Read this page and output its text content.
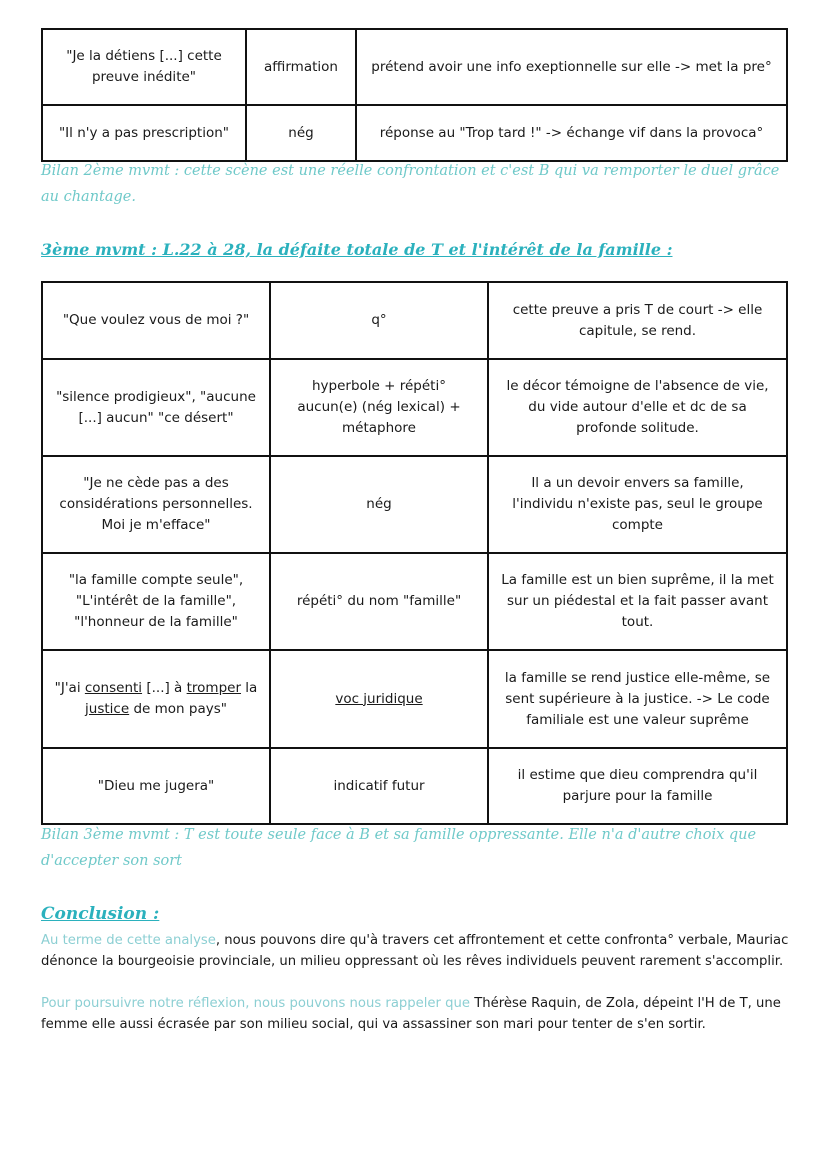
"Je la détiens [...] cette preuve inédite"	affirmation	prétend avoir une info exeptionnelle sur elle -> met la pre°
"Il n'y a pas prescription"	nég	réponse au "Trop tard !" -> échange vif dans la provoca°
Bilan 2ème mvmt : cette scène est une réelle confrontation et c'est B qui va remporter le duel grâce au chantage.
3ème mvmt : L.22 à 28, la défaite totale de T et l'intérêt de la famille :
"Que voulez vous de moi ?"	q°	cette preuve a pris T de court -> elle capitule, se rend.
"silence prodigieux", "aucune [...] aucun" "ce désert"	hyperbole + répéti° aucun(e) (nég lexical) + métaphore	le décor témoigne de l'absence de vie, du vide autour d'elle et dc de sa profonde solitude.
"Je ne cède pas a des considérations personnelles. Moi je m'efface"	nég	Il a un devoir envers sa famille, l'individu n'existe pas, seul le groupe compte
"la famille compte seule", "L'intérêt de la famille", "l'honneur de la famille"	répéti° du nom "famille"	La famille est un bien suprême, il la met sur un piédestal et la fait passer avant tout.
"J'ai consenti [...] à tromper la justice de mon pays"	voc juridique	la famille se rend justice elle-même, se sent supérieure à la justice. -> Le code familiale est une valeur suprême
"Dieu me jugera"	indicatif futur	il estime que dieu comprendra qu'il parjure pour la famille
Bilan 3ème mvmt : T est toute seule face à B et sa famille oppressante. Elle n'a d'autre choix que d'accepter son sort
Conclusion :
Au terme de cette analyse, nous pouvons dire qu'à travers cet affrontement et cette confronta° verbale, Mauriac dénonce la bourgeoisie provinciale, un milieu oppressant où les rêves individuels peuvent rarement s'accomplir.
Pour poursuivre notre réflexion, nous pouvons nous rappeler que Thérèse Raquin, de Zola, dépeint l'H de T, une femme elle aussi écrasée par son milieu social, qui va assassiner son mari pour tenter de s'en sortir.
